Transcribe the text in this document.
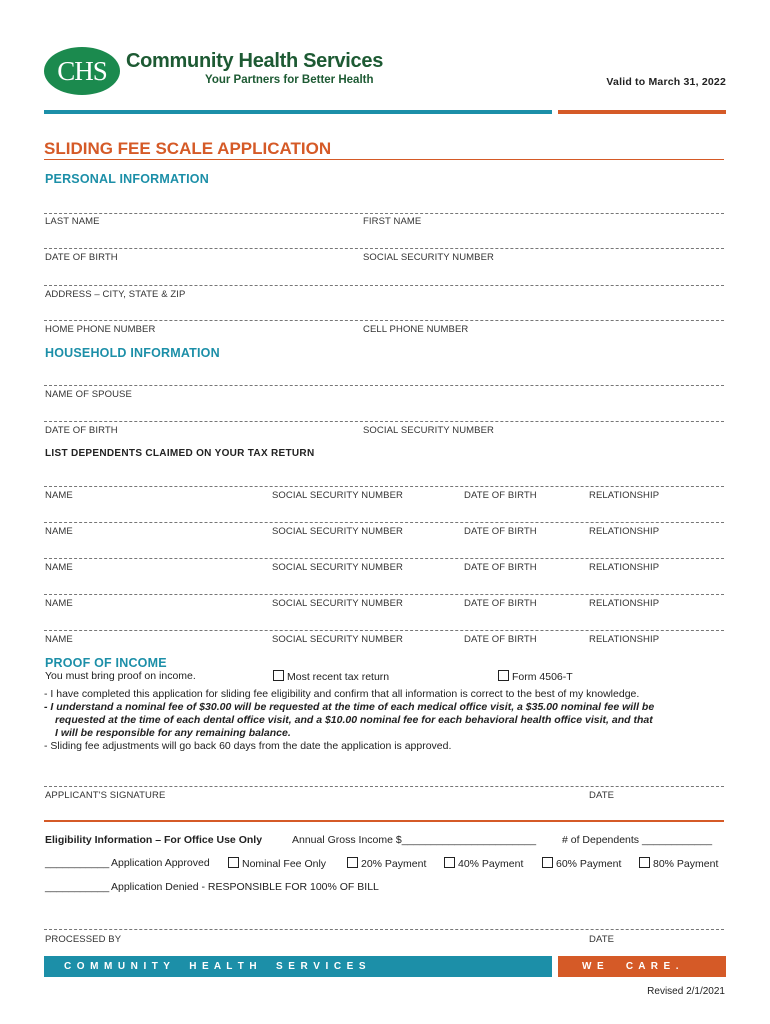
CHS Community Health Services
Your Partners for Better Health	Valid to March 31, 2022
SLIDING FEE SCALE APPLICATION
PERSONAL INFORMATION
LAST NAME	FIRST NAME
DATE OF BIRTH	SOCIAL SECURITY NUMBER
ADDRESS – CITY, STATE & ZIP
HOME PHONE NUMBER	CELL PHONE NUMBER
HOUSEHOLD INFORMATION
NAME OF SPOUSE
DATE OF BIRTH	SOCIAL SECURITY NUMBER
LIST DEPENDENTS CLAIMED ON YOUR TAX RETURN
NAME	SOCIAL SECURITY NUMBER	DATE OF BIRTH	RELATIONSHIP
NAME	SOCIAL SECURITY NUMBER	DATE OF BIRTH	RELATIONSHIP
NAME	SOCIAL SECURITY NUMBER	DATE OF BIRTH	RELATIONSHIP
NAME	SOCIAL SECURITY NUMBER	DATE OF BIRTH	RELATIONSHIP
NAME	SOCIAL SECURITY NUMBER	DATE OF BIRTH	RELATIONSHIP
PROOF OF INCOME
You must bring proof on income.	Most recent tax return	Form 4506-T
- I have completed this application for sliding fee eligibility and confirm that all information is correct to the best of my knowledge.
- I understand a nominal fee of $30.00 will be requested at the time of each medical office visit, a $35.00 nominal fee will be
requested at the time of each dental office visit, and a $10.00 nominal fee for each behavioral health office visit, and that
I will be responsible for any remaining balance.
- Sliding fee adjustments will go back 60 days from the date the application is approved.
APPLICANT'S SIGNATURE	DATE
Eligibility Information – For Office Use Only	Annual Gross Income $_______________________ # of Dependents ____________
___________ Application Approved	Nominal Fee Only	20% Payment	40% Payment	60% Payment	80% Payment
___________ Application Denied - RESPONSIBLE FOR 100% OF BILL
PROCESSED BY	DATE
C  O  M  M  U  N  I  T  Y       H  E  A  L  T  H       S  E  R  V  I  C  E  S	W  E        C  A  R  E  .
Revised 2/1/2021
